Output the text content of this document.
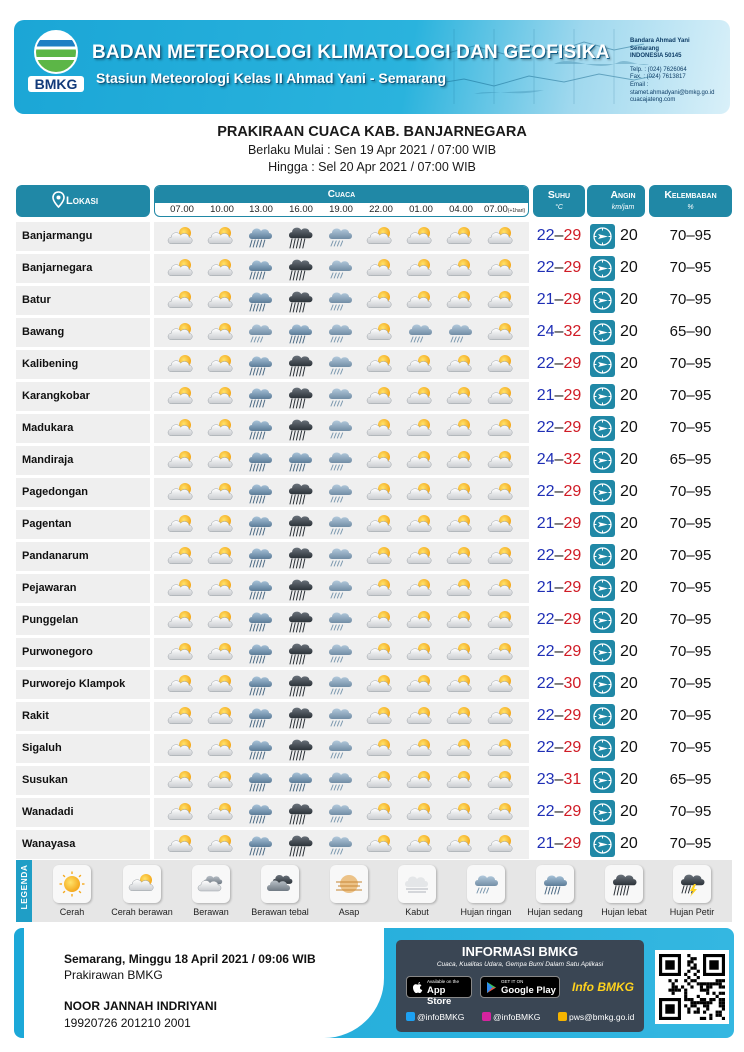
BMKG
BADAN METEOROLOGI KLIMATOLOGI DAN GEOFISIKA
Stasiun Meteorologi Kelas II Ahmad Yani - Semarang
Bandara Ahmad Yani
Semarang
INDONESIA 50145
Telp. : (024) 7626064
Fax. : (024) 7613817
Email : stamet.ahmadyani@bmkg.go.id
cuacajateng.com
PRAKIRAAN CUACA KAB. BANJARNEGARA
Berlaku Mulai : Sen 19 Apr 2021 / 07:00 WIB
Hingga : Sel 20 Apr 2021 / 07:00 WIB
Lokasi
Cuaca
07.00	10.00	13.00	16.00	19.00	22.00	01.00	04.00	07.00(+1hari)
Suhu
°C
Angin
km/jam
Kelembaban
%
Banjarmangu	22–29 20	70–95
Banjarnegara	22–29 20	70–95
Batur	21–29 20	70–95
Bawang	24–32 20	65–90
Kalibening	22–29 20	70–95
Karangkobar	21–29 20	70–95
Madukara	22–29 20	70–95
Mandiraja	24–32 20	65–95
Pagedongan	22–29 20	70–95
Pagentan	21–29 20	70–95
Pandanarum	22–29 20	70–95
Pejawaran	21–29 20	70–95
Punggelan	22–29 20	70–95
Purwonegoro	22–29 20	70–95
Purworejo Klampok	22–30 20	70–95
Rakit	22–29 20	70–95
Sigaluh	22–29 20	70–95
Susukan	23–31 20	65–95
Wanadadi	22–29 20	70–95
Wanayasa	21–29 20	70–95
LEGENDA
Cerah	Cerah berawan	Berawan	Berawan tebal	Asap	Kabut	Hujan ringan	Hujan sedang	Hujan lebat	Hujan Petir
Semarang, Minggu 18 April 2021 / 09:06 WIB
Prakirawan BMKG
NOOR JANNAH INDRIYANI
19920726 201210 2001
INFORMASI BMKG
Cuaca, Kualitas Udara, Gempa Bumi Dalam Satu Aplikasi
Available on the
App Store
GET IT ON
Google Play Info BMKG
@infoBMKG	@infoBMKG	pws@bmkg.go.id
